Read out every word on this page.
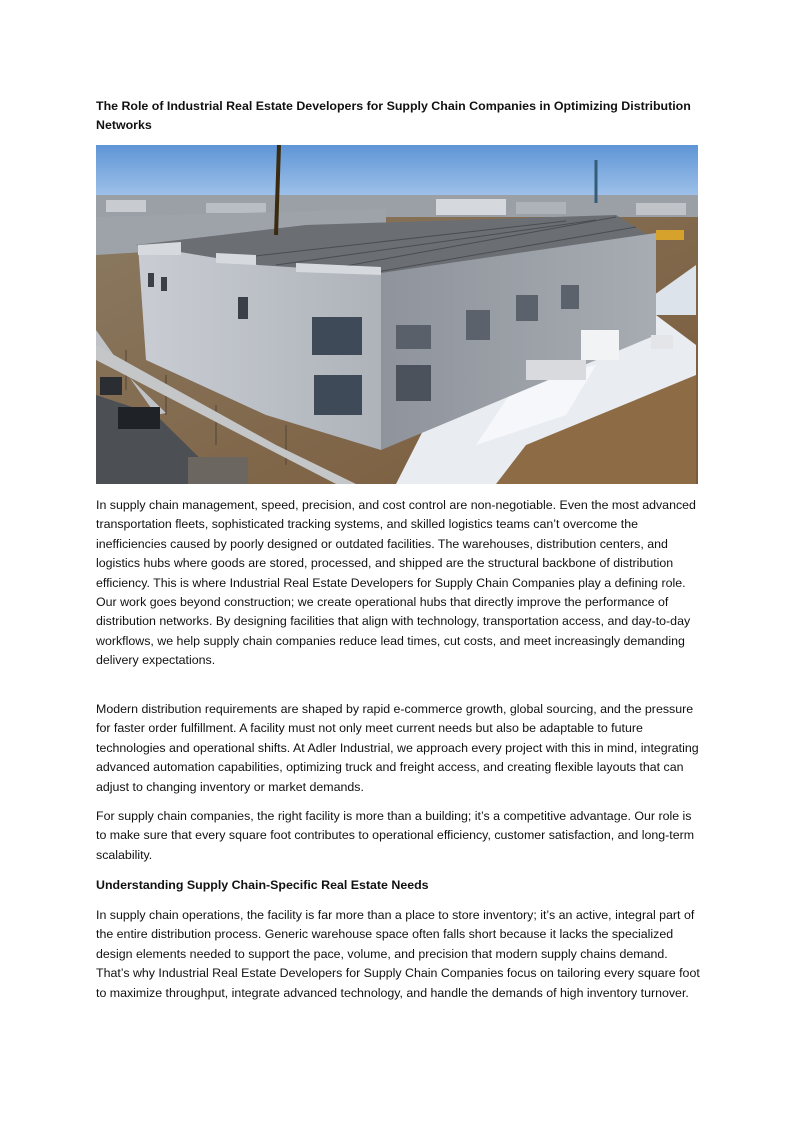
The Role of Industrial Real Estate Developers for Supply Chain Companies in Optimizing Distribution Networks

In supply chain management, speed, precision, and cost control are non-negotiable. Even the most advanced transportation fleets, sophisticated tracking systems, and skilled logistics teams can’t overcome the inefficiencies caused by poorly designed or outdated facilities. The warehouses, distribution centers, and logistics hubs where goods are stored, processed, and shipped are the structural backbone of distribution efficiency. This is where Industrial Real Estate Developers for Supply Chain Companies play a defining role. Our work goes beyond construction; we create operational hubs that directly improve the performance of distribution networks. By designing facilities that align with technology, transportation access, and day-to-day workflows, we help supply chain companies reduce lead times, cut costs, and meet increasingly demanding delivery expectations.

Modern distribution requirements are shaped by rapid e-commerce growth, global sourcing, and the pressure for faster order fulfillment. A facility must not only meet current needs but also be adaptable to future technologies and operational shifts. At Adler Industrial, we approach every project with this in mind, integrating advanced automation capabilities, optimizing truck and freight access, and creating flexible layouts that can adjust to changing inventory or market demands.

For supply chain companies, the right facility is more than a building; it’s a competitive advantage. Our role is to make sure that every square foot contributes to operational efficiency, customer satisfaction, and long-term scalability.

Understanding Supply Chain-Specific Real Estate Needs

In supply chain operations, the facility is far more than a place to store inventory; it’s an active, integral part of the entire distribution process. Generic warehouse space often falls short because it lacks the specialized design elements needed to support the pace, volume, and precision that modern supply chains demand. That’s why Industrial Real Estate Developers for Supply Chain Companies focus on tailoring every square foot to maximize throughput, integrate advanced technology, and handle the demands of high inventory turnover.
